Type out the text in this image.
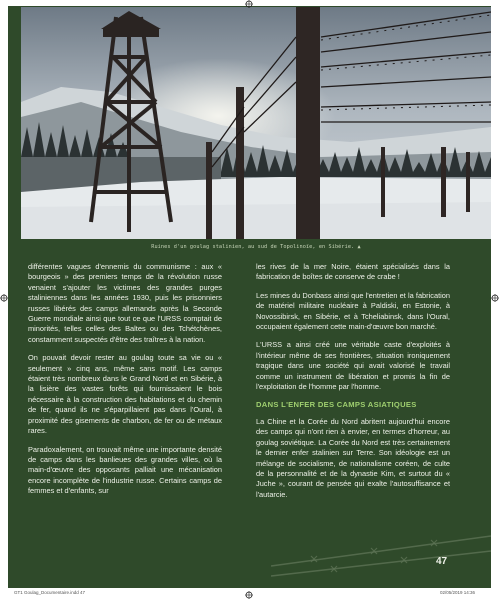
Ruines d'un goulag stalinien, au sud de Topolinoïe, en Sibérie. ▲

différentes vagues d'ennemis du communisme : aux « bourgeois » des premiers temps de la révolution russe venaient s'ajouter les victimes des grandes purges staliniennes dans les années 1930, puis les prisonniers russes libérés des camps allemands après la Seconde Guerre mondiale ainsi que tout ce que l'URSS comptait de minorités, telles celles des Baltes ou des Tchétchènes, constamment suspectés d'être des traîtres à la nation.

On pouvait devoir rester au goulag toute sa vie ou « seulement » cinq ans, même sans motif. Les camps étaient très nombreux dans le Grand Nord et en Sibérie, à la lisière des vastes forêts qui fournissaient le bois nécessaire à la construction des habitations et du chemin de fer, quand ils ne s'éparpillaient pas dans l'Oural, à proximité des gisements de charbon, de fer ou de métaux rares.

Paradoxalement, on trouvait même une importante densité de camps dans les banlieues des grandes villes, où la main-d'œuvre des opposants palliait une mécanisation encore incomplète de l'industrie russe. Certains camps de femmes et d'enfants, sur

les rives de la mer Noire, étaient spécialisés dans la fabrication de boîtes de conserve de crabe !

Les mines du Donbass ainsi que l'entretien et la fabrication de matériel militaire nucléaire à Paldiski, en Estonie, à Novossibirsk, en Sibérie, et à Tcheliabinsk, dans l'Oural, occupaient également cette main-d'œuvre bon marché.

L'URSS a ainsi créé une véritable caste d'exploités à l'intérieur même de ses frontières, situation ironiquement tragique dans une société qui avait valorisé le travail comme un instrument de libération et promis la fin de l'exploitation de l'homme par l'homme.

DANS L'ENFER DES CAMPS ASIATIQUES

La Chine et la Corée du Nord abritent aujourd'hui encore des camps qui n'ont rien à envier, en termes d'horreur, au goulag soviétique. La Corée du Nord est très certainement le dernier enfer stalinien sur Terre. Son idéologie est un mélange de socialisme, de nationalisme coréen, de culte de la personnalité et de la dynastie Kim, et surtout du « Juche », courant de pensée qui exalte l'autosuffisance et l'autarcie.

47
GT1 Goulag_Documentaire.indd 47	02/05/2019 14:36
